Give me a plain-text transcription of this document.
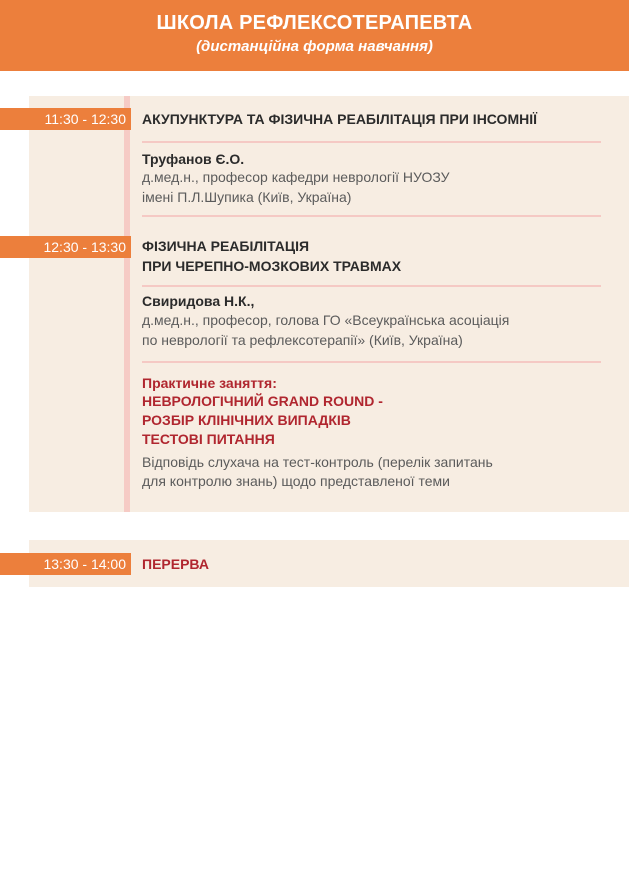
ШКОЛА РЕФЛЕКСОТЕРАПЕВТА
(дистанційна форма навчання)
11:30 - 12:30	АКУПУНКТУРА ТА ФІЗИЧНА РЕАБІЛІТАЦІЯ ПРИ ІНСОМНІЇ
Труфанов Є.О.
д.мед.н., професор кафедри неврології НУОЗУ
імені П.Л.Шупика (Київ, Україна)
12:30 - 13:30	ФІЗИЧНА РЕАБІЛІТАЦІЯ
ПРИ ЧЕРЕПНО-МОЗКОВИХ ТРАВМАХ
Свиридова Н.К.,
д.мед.н., професор, голова ГО «Всеукраїнська асоціація
по неврології та рефлексотерапії» (Київ, Україна)
Практичне заняття:
НЕВРОЛОГІЧНИЙ GRAND ROUND -
РОЗБІР КЛІНІЧНИХ ВИПАДКІВ
ТЕСТОВІ ПИТАННЯ
Відповідь слухача на тест-контроль (перелік запитань
для контролю знань) щодо представленої теми
13:30 - 14:00	ПЕРЕРВА
